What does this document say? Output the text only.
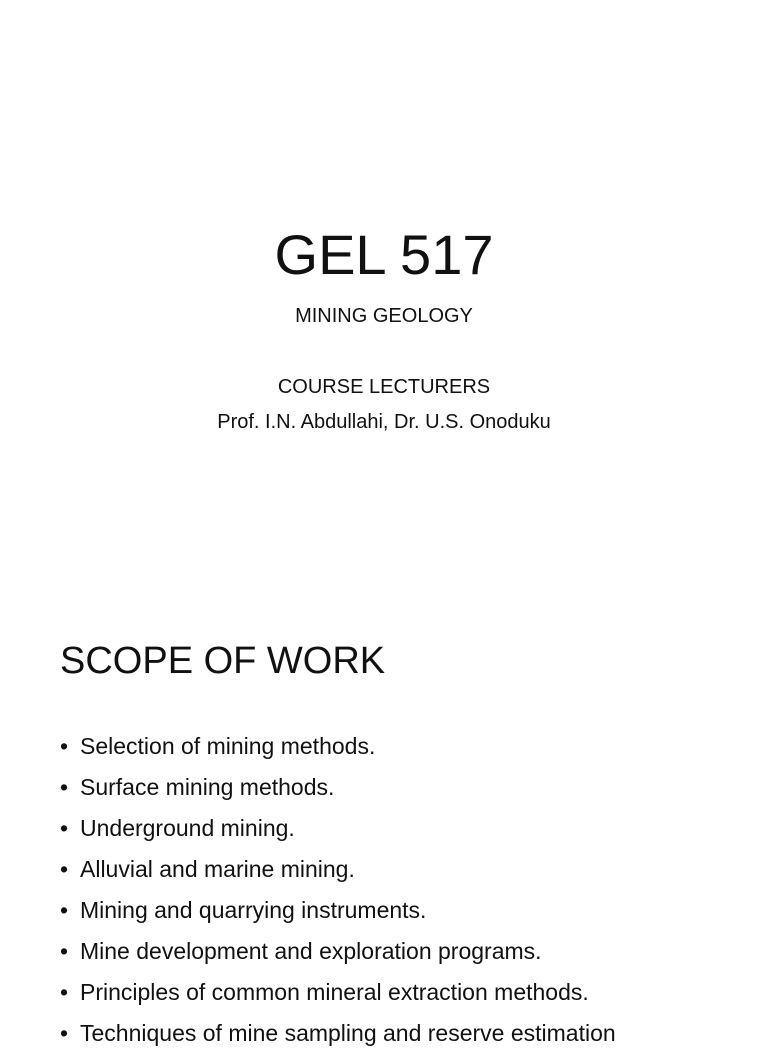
GEL 517
MINING GEOLOGY
COURSE LECTURERS
Prof. I.N. Abdullahi, Dr. U.S. Onoduku
SCOPE OF WORK
• Selection of mining methods.
• Surface mining methods.
• Underground mining.
• Alluvial and marine mining.
• Mining and quarrying instruments.
• Mine development and exploration programs.
• Principles of common mineral extraction methods.
• Techniques of mine sampling and reserve estimation
